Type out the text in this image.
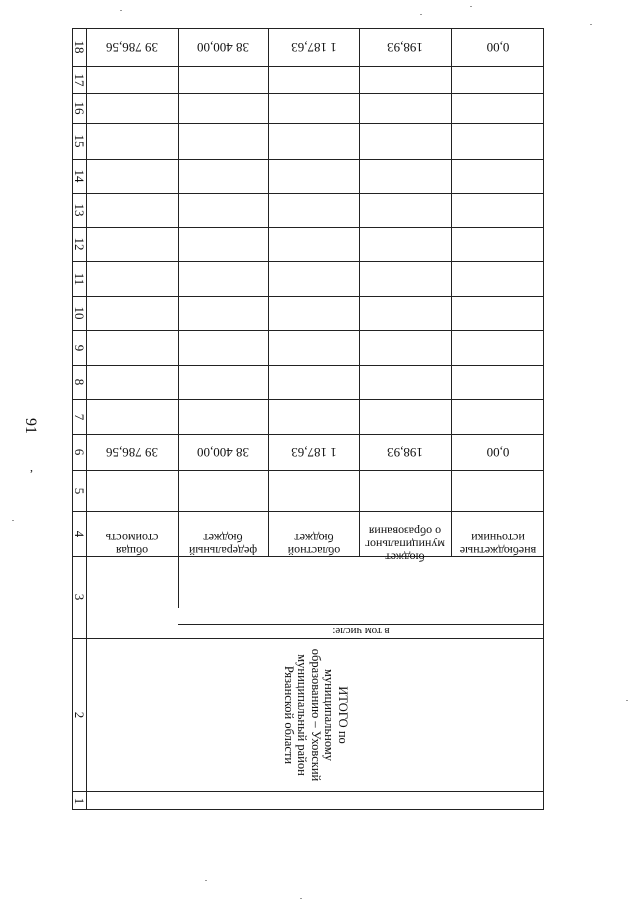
91
,
18
17
16
15
14
13
12
11
10
9
8
7
6
5
4
3
2
1
39 786,56
39 786,56
общая
стоимость
38 400,00
38 400,00
федеральный
бюджет
1 187,63
1 187,63
областной
бюджет
198,93
198,93
бюджет
муниципальног
о образования
0,00
0,00
внебюджетные
источники
в том числе:
ИТОГО по
муниципальному
образованию – Уховский
муниципальный район
Рязанской области
